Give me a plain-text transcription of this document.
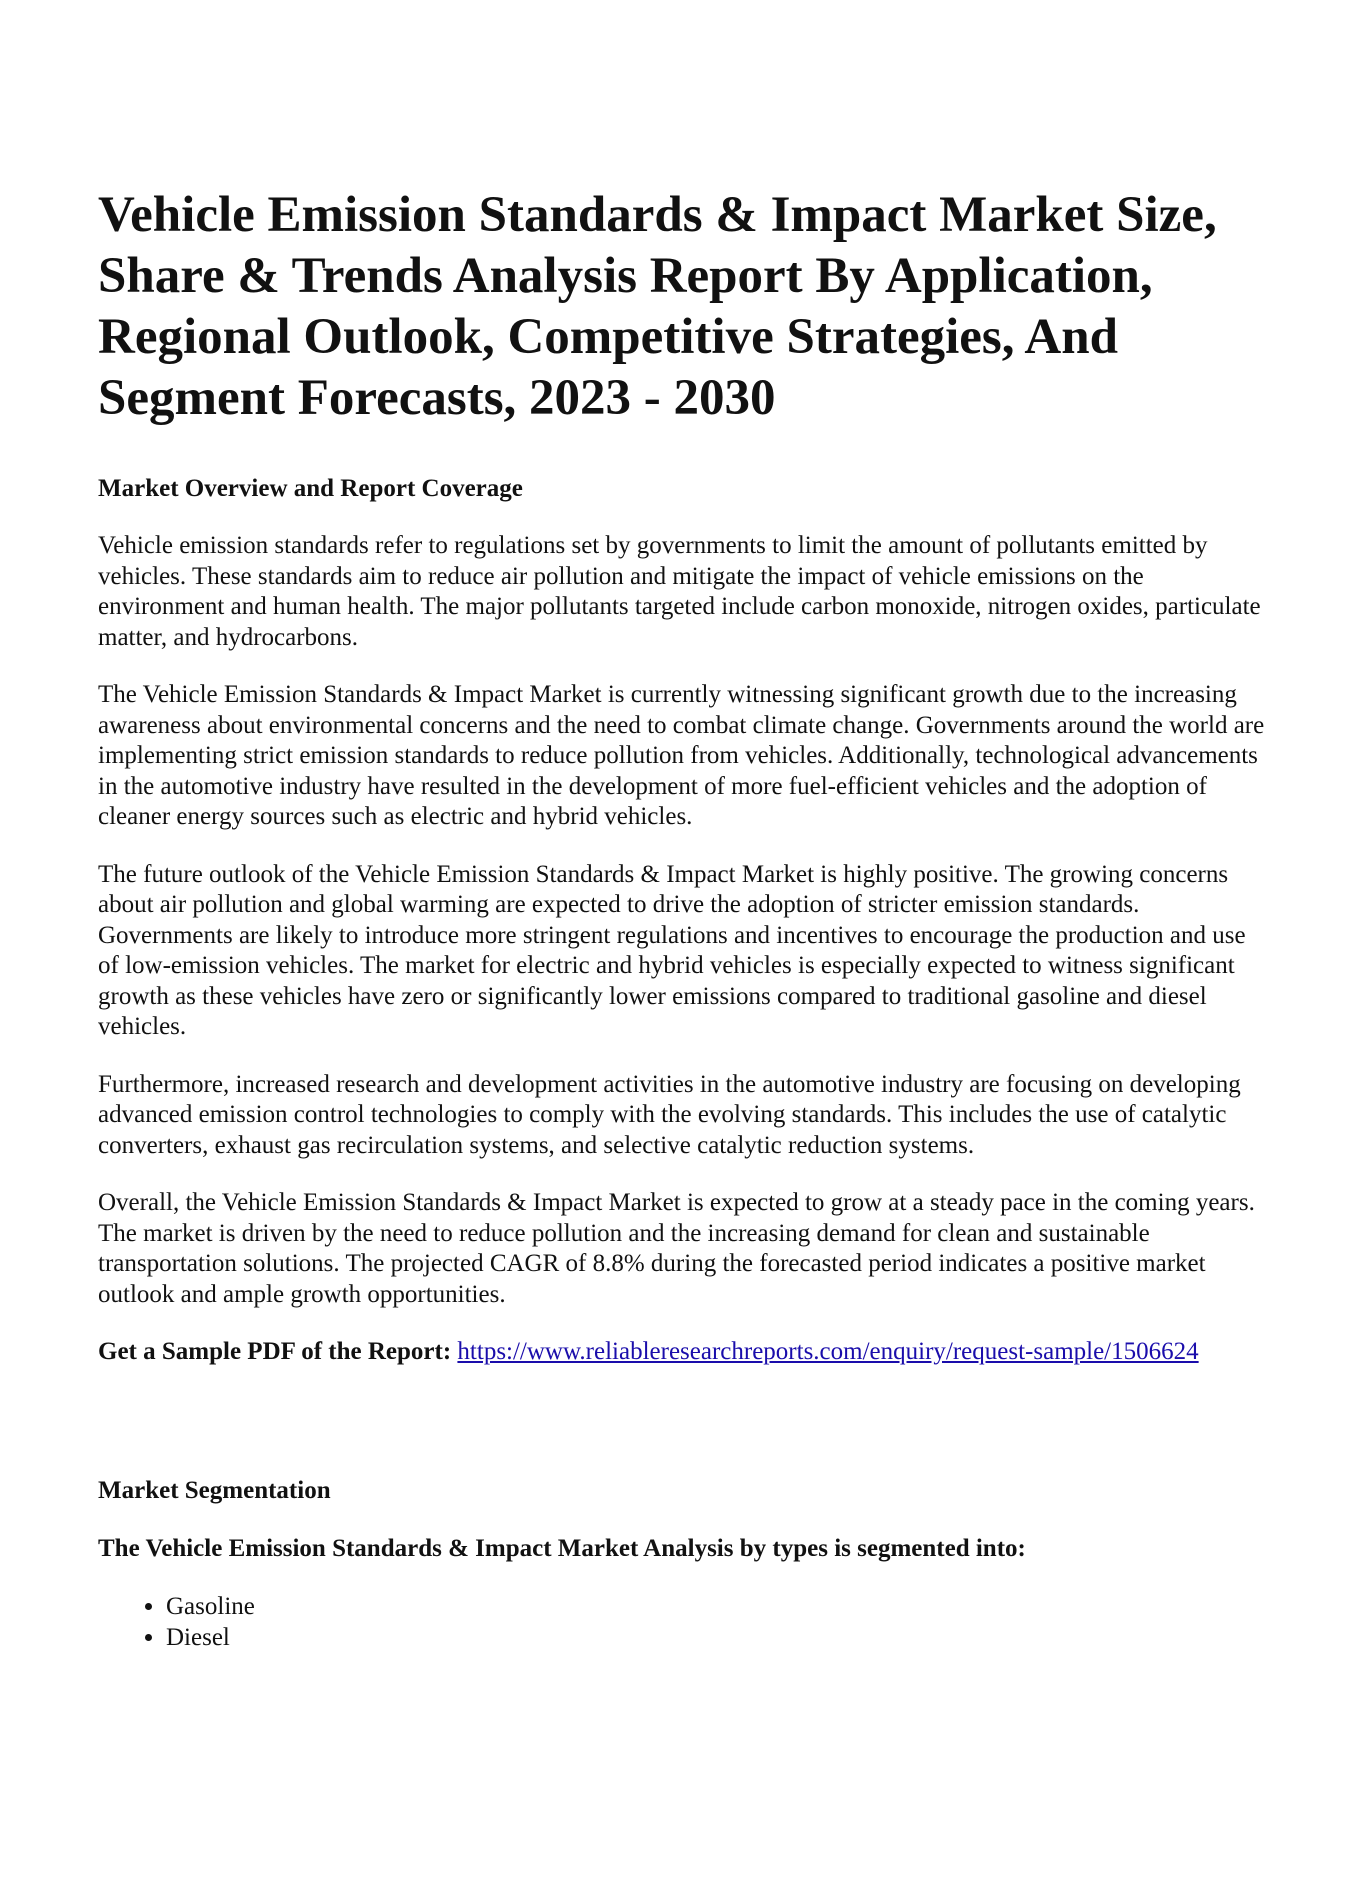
Vehicle Emission Standards & Impact Market Size, Share & Trends Analysis Report By Application, Regional Outlook, Competitive Strategies, And Segment Forecasts, 2023 - 2030
Market Overview and Report Coverage

Vehicle emission standards refer to regulations set by governments to limit the amount of pollutants emitted by vehicles. These standards aim to reduce air pollution and mitigate the impact of vehicle emissions on the environment and human health. The major pollutants targeted include carbon monoxide, nitrogen oxides, particulate matter, and hydrocarbons.

The Vehicle Emission Standards & Impact Market is currently witnessing significant growth due to the increasing awareness about environmental concerns and the need to combat climate change. Governments around the world are implementing strict emission standards to reduce pollution from vehicles. Additionally, technological advancements in the automotive industry have resulted in the development of more fuel-efficient vehicles and the adoption of cleaner energy sources such as electric and hybrid vehicles.

The future outlook of the Vehicle Emission Standards & Impact Market is highly positive. The growing concerns about air pollution and global warming are expected to drive the adoption of stricter emission standards. Governments are likely to introduce more stringent regulations and incentives to encourage the production and use of low-emission vehicles. The market for electric and hybrid vehicles is especially expected to witness significant growth as these vehicles have zero or significantly lower emissions compared to traditional gasoline and diesel vehicles.

Furthermore, increased research and development activities in the automotive industry are focusing on developing advanced emission control technologies to comply with the evolving standards. This includes the use of catalytic converters, exhaust gas recirculation systems, and selective catalytic reduction systems.

Overall, the Vehicle Emission Standards & Impact Market is expected to grow at a steady pace in the coming years. The market is driven by the need to reduce pollution and the increasing demand for clean and sustainable transportation solutions. The projected CAGR of 8.8% during the forecasted period indicates a positive market outlook and ample growth opportunities.

Get a Sample PDF of the Report: https://www.reliableresearchreports.com/enquiry/request-sample/1506624
Market Segmentation
The Vehicle Emission Standards & Impact Market Analysis by types is segmented into:
• Gasoline
• Diesel
